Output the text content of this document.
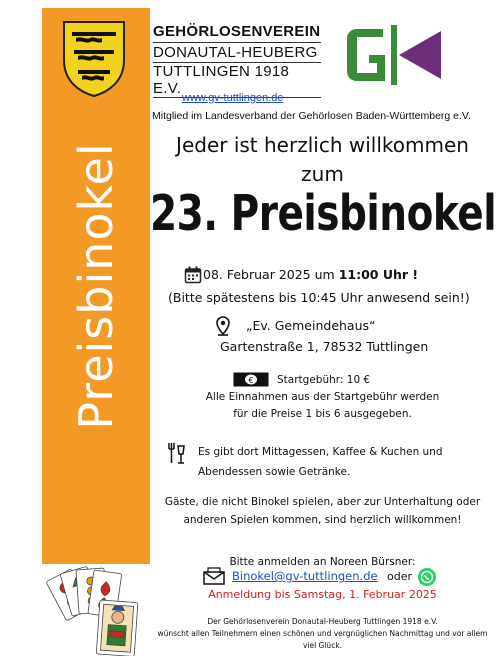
Preisbinokel
GEHÖRLOSENVEREIN
DONAUTAL-HEUBERG
TUTTLINGEN 1918 E.V.
www.gv-tuttlingen.de
Mitglied im Landesverband der Gehörlosen Baden-Württemberg e.V.
Jeder ist herzlich willkommen
zum
23. Preisbinokel
08. Februar 2025 um 11:00 Uhr !
(Bitte spätestens bis 10:45 Uhr anwesend sein!)
„Ev. Gemeindehaus“
Gartenstraße 1, 78532 Tuttlingen
€ Startgebühr: 10 €
Alle Einnahmen aus der Startgebühr werden
für die Preise 1 bis 6 ausgegeben.
Es gibt dort Mittagessen, Kaffee & Kuchen und
Abendessen sowie Getränke.
Gäste, die nicht Binokel spielen, aber zur Unterhaltung oder
anderen Spielen kommen, sind herzlich willkommen!
Bitte anmelden an Noreen Bürsner:
Binokel@gv-tuttlingen.de oder
Anmeldung bis Samstag, 1. Februar 2025
Der Gehörlosenverein Donautal-Heuberg Tuttlingen 1918 e.V.
wünscht allen Teilnehmern einen schönen und vergnüglichen Nachmittag und vor allem
viel Glück.
